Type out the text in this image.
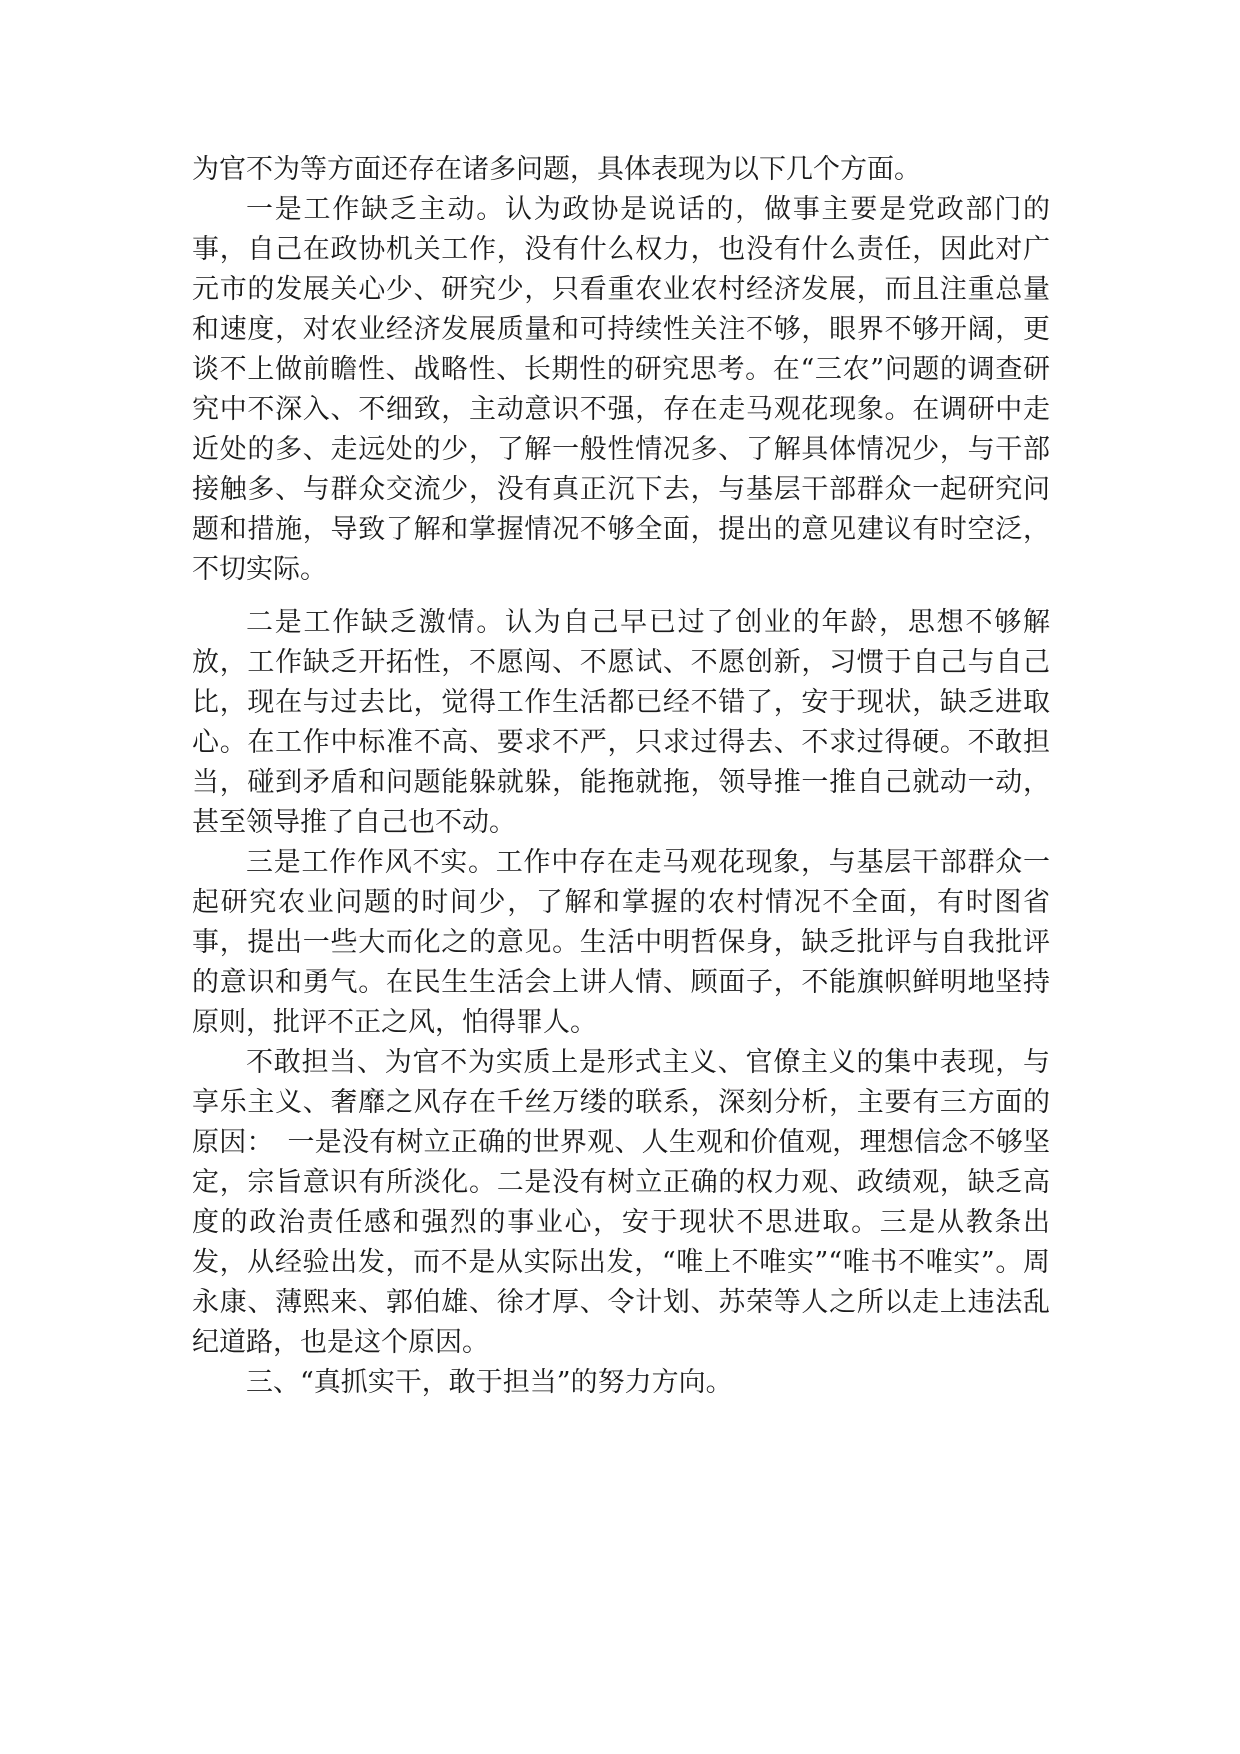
为官不为等方面还存在诸多问题，具体表现为以下几个方面。

一是工作缺乏主动。认为政协是说话的，做事主要是党政部门的事，自己在政协机关工作，没有什么权力，也没有什么责任，因此对广元市的发展关心少、研究少，只看重农业农村经济发展，而且注重总量和速度，对农业经济发展质量和可持续性关注不够，眼界不够开阔，更谈不上做前瞻性、战略性、长期性的研究思考。在“三农”问题的调查研究中不深入、不细致，主动意识不强，存在走马观花现象。在调研中走近处的多、走远处的少，了解一般性情况多、了解具体情况少，与干部接触多、与群众交流少，没有真正沉下去，与基层干部群众一起研究问题和措施，导致了解和掌握情况不够全面，提出的意见建议有时空泛，不切实际。

二是工作缺乏激情。认为自己早已过了创业的年龄，思想不够解放，工作缺乏开拓性，不愿闯、不愿试、不愿创新，习惯于自己与自己比，现在与过去比，觉得工作生活都已经不错了，安于现状，缺乏进取心。在工作中标准不高、要求不严，只求过得去、不求过得硬。不敢担当，碰到矛盾和问题能躲就躲，能拖就拖，领导推一推自己就动一动，甚至领导推了自己也不动。

三是工作作风不实。工作中存在走马观花现象，与基层干部群众一起研究农业问题的时间少，了解和掌握的农村情况不全面，有时图省事，提出一些大而化之的意见。生活中明哲保身，缺乏批评与自我批评的意识和勇气。在民生生活会上讲人情、顾面子，不能旗帜鲜明地坚持原则，批评不正之风，怕得罪人。

不敢担当、为官不为实质上是形式主义、官僚主义的集中表现，与享乐主义、奢靡之风存在千丝万缕的联系，深刻分析，主要有三方面的原因：　一是没有树立正确的世界观、人生观和价值观，理想信念不够坚定，宗旨意识有所淡化。二是没有树立正确的权力观、政绩观，缺乏高度的政治责任感和强烈的事业心，安于现状不思进取。三是从教条出发，从经验出发，而不是从实际出发，“唯上不唯实”“唯书不唯实”。周永康、薄熙来、郭伯雄、徐才厚、令计划、苏荣等人之所以走上违法乱纪道路，也是这个原因。

三、“真抓实干，敢于担当”的努力方向。
